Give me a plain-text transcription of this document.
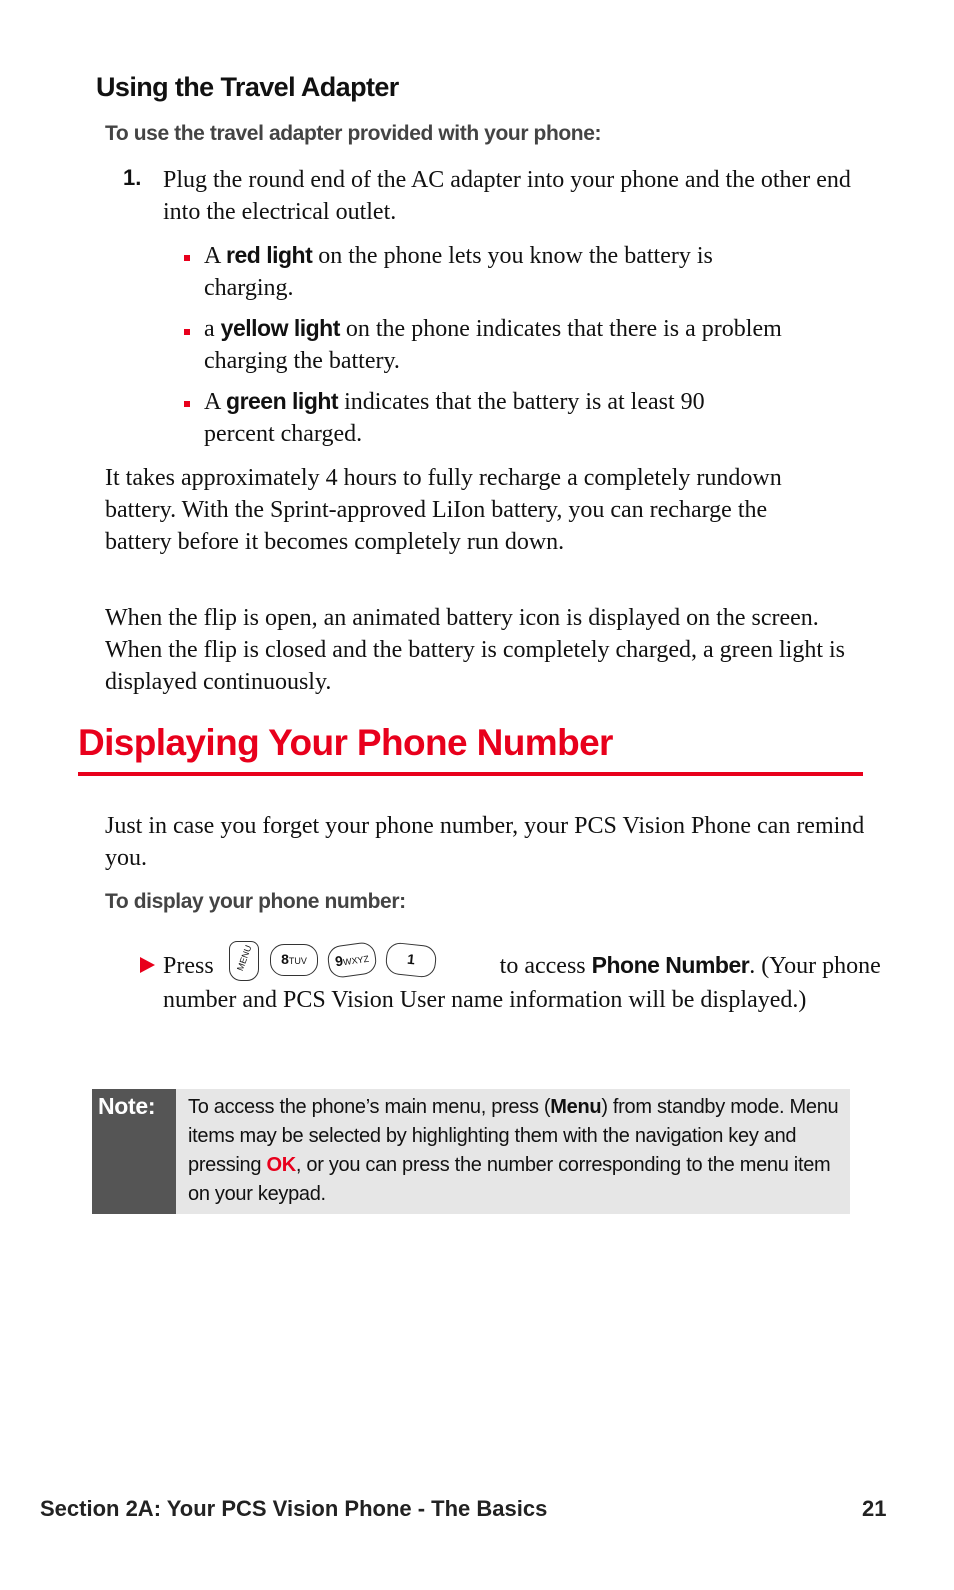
Using the Travel Adapter
To use the travel adapter provided with your phone:
1. Plug the round end of the AC adapter into your phone and the other end into the electrical outlet.
A red light on the phone lets you know the battery is charging.
a yellow light on the phone indicates that there is a problem charging the battery.
A green light indicates that the battery is at least 90 percent charged.
It takes approximately 4 hours to fully recharge a completely rundown battery. With the Sprint-approved LiIon battery, you can recharge the battery before it becomes completely run down.
When the flip is open, an animated battery icon is displayed on the screen. When the flip is closed and the battery is completely charged, a green light is displayed continuously.
Displaying Your Phone Number
Just in case you forget your phone number, your PCS Vision Phone can remind you.
To display your phone number:
Press	to access Phone Number. (Your phone
MENU	8TUV	9WXYZ	1
number and PCS Vision User name information will be displayed.)
Note: To access the phone’s main menu, press (Menu) from standby mode. Menu items may be selected by highlighting them with the navigation key and pressing OK, or you can press the number corresponding to the menu item on your keypad.
Section 2A: Your PCS Vision Phone - The Basics	21
